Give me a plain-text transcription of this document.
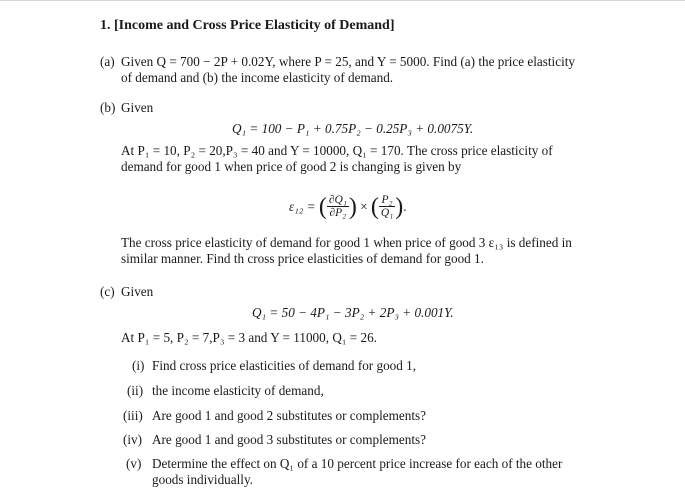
1. [Income and Cross Price Elasticity of Demand]
(a) Given Q = 700 − 2P + 0.02Y, where P = 25, and Y = 5000. Find (a) the price elasticity
of demand and (b) the income elasticity of demand.
(b) Given
Q₁ = 100 − P₁ + 0.75P₂ − 0.25P₃ + 0.0075Y.
At P₁ = 10, P₂ = 20,P₃ = 40 and Y = 10000, Q₁ = 170. The cross price elasticity of
demand for good 1 when price of good 2 is changing is given by
ε₁₂ = ( $\frac{\text{∂Q₁}}{\text{∂P₂}}$ ) × ( $\frac{\text{P₂}}{\text{Q₁}}$ ).
The cross price elasticity of demand for good 1 when price of good 3 ε₁₃ is defined in
similar manner. Find th cross price elasticities of demand for good 1.
(c) Given
Q₁ = 50 − 4P₁ − 3P₂ + 2P₃ + 0.001Y.
At P₁ = 5, P₂ = 7,P₃ = 3 and Y = 11000, Q₁ = 26.
(i) Find cross price elasticities of demand for good 1,
(ii) the income elasticity of demand,
(iii) Are good 1 and good 2 substitutes or complements?
(iv) Are good 1 and good 3 substitutes or complements?
(v) Determine the effect on Q₁ of a 10 percent price increase for each of the other
goods individually.
